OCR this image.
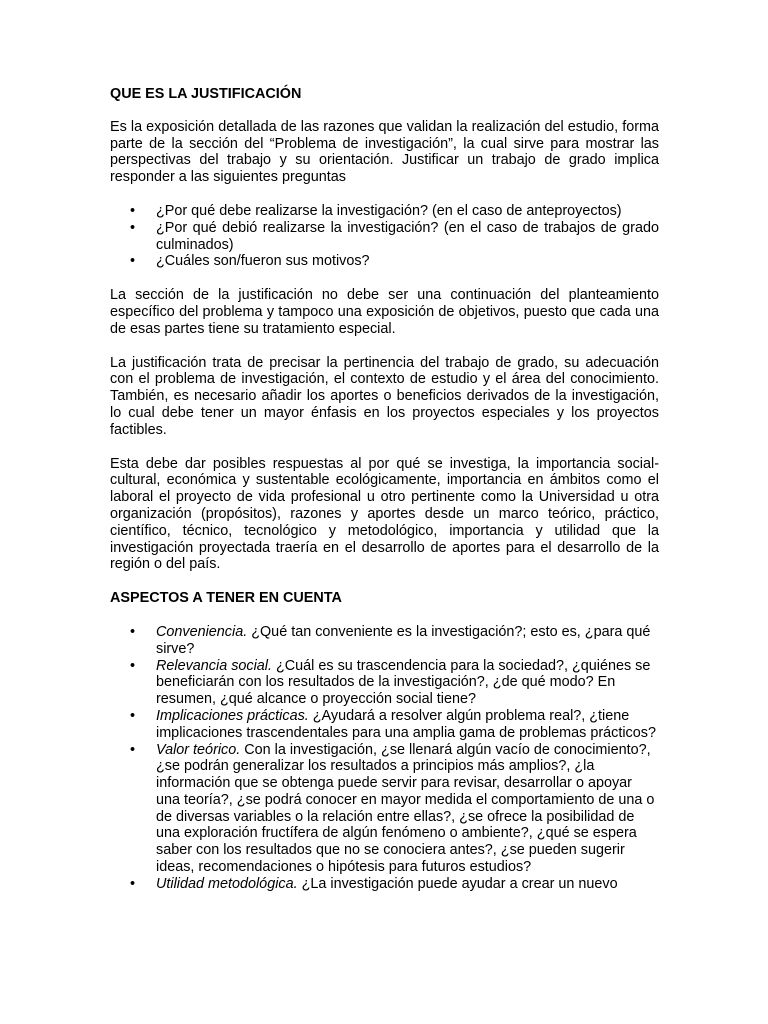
QUE ES LA JUSTIFICACIÓN

Es la exposición detallada de las razones que validan la realización del estudio, forma parte de la sección del “Problema de investigación”, la cual sirve para mostrar las perspectivas del trabajo y su orientación. Justificar un trabajo de grado implica responder a las siguientes preguntas

• ¿Por qué debe realizarse la investigación? (en el caso de anteproyectos)
• ¿Por qué debió realizarse la investigación? (en el caso de trabajos de grado culminados)
• ¿Cuáles son/fueron sus motivos?

La sección de la justificación no debe ser una continuación del planteamiento específico del problema y tampoco una exposición de objetivos, puesto que cada una de esas partes tiene su tratamiento especial.

La justificación trata de precisar la pertinencia del trabajo de grado, su adecuación con el problema de investigación, el contexto de estudio y el área del conocimiento. También, es necesario añadir los aportes o beneficios derivados de la investigación, lo cual debe tener un mayor énfasis en los proyectos especiales y los proyectos factibles.

Esta debe dar posibles respuestas al por qué se investiga, la importancia social-cultural, económica y sustentable ecológicamente, importancia en ámbitos como el laboral el proyecto de vida profesional u otro pertinente como la Universidad u otra organización (propósitos), razones y aportes desde un marco teórico, práctico, científico, técnico, tecnológico y metodológico, importancia y utilidad que la investigación proyectada traería en el desarrollo de aportes para el desarrollo de la región o del país.

ASPECTOS A TENER EN CUENTA
• Conveniencia. ¿Qué tan conveniente es la investigación?; esto es, ¿para qué sirve?
• Relevancia social. ¿Cuál es su trascendencia para la sociedad?, ¿quiénes se beneficiarán con los resultados de la investigación?, ¿de qué modo? En resumen, ¿qué alcance o proyección social tiene?
• Implicaciones prácticas. ¿Ayudará a resolver algún problema real?, ¿tiene implicaciones trascendentales para una amplia gama de problemas prácticos?
• Valor teórico. Con la investigación, ¿se llenará algún vacío de conocimiento?, ¿se podrán generalizar los resultados a principios más amplios?, ¿la información que se obtenga puede servir para revisar, desarrollar o apoyar una teoría?, ¿se podrá conocer en mayor medida el comportamiento de una o de diversas variables o la relación entre ellas?, ¿se ofrece la posibilidad de una exploración fructífera de algún fenómeno o ambiente?, ¿qué se espera saber con los resultados que no se conociera antes?, ¿se pueden sugerir ideas, recomendaciones o hipótesis para futuros estudios?
• Utilidad metodológica. ¿La investigación puede ayudar a crear un nuevo
